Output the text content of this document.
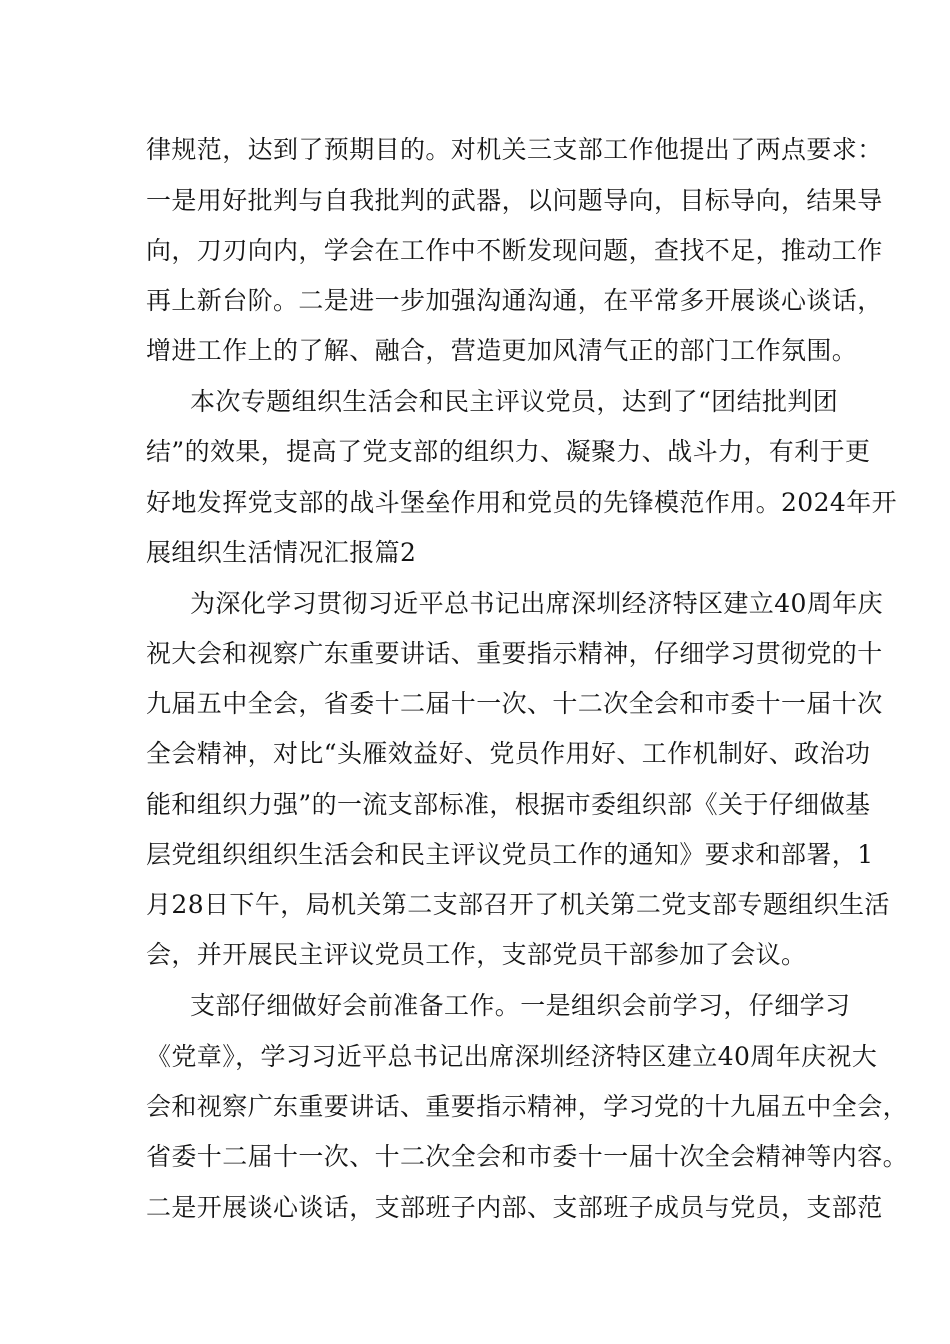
律规范，达到了预期目的。对机关三支部工作他提出了两点要求：
一是用好批判与自我批判的武器，以问题导向，目标导向，结果导
向，刀刃向内，学会在工作中不断发现问题，查找不足，推动工作
再上新台阶。二是进一步加强沟通沟通，在平常多开展谈心谈话，
增进工作上的了解、融合，营造更加风清气正的部门工作氛围。
本次专题组织生活会和民主评议党员，达到了“团结批判团
结”的效果，提高了党支部的组织力、凝聚力、战斗力，有利于更
好地发挥党支部的战斗堡垒作用和党员的先锋模范作用。2024年开
展组织生活情况汇报篇2
为深化学习贯彻习近平总书记出席深圳经济特区建立40周年庆
祝大会和视察广东重要讲话、重要指示精神，仔细学习贯彻党的十
九届五中全会，省委十二届十一次、十二次全会和市委十一届十次
全会精神，对比“头雁效益好、党员作用好、工作机制好、政治功
能和组织力强”的一流支部标准，根据市委组织部《关于仔细做基
层党组织组织生活会和民主评议党员工作的通知》要求和部署，1
月28日下午，局机关第二支部召开了机关第二党支部专题组织生活
会，并开展民主评议党员工作，支部党员干部参加了会议。
支部仔细做好会前准备工作。一是组织会前学习，仔细学习
《党章》，学习习近平总书记出席深圳经济特区建立40周年庆祝大
会和视察广东重要讲话、重要指示精神，学习党的十九届五中全会，
省委十二届十一次、十二次全会和市委十一届十次全会精神等内容。
二是开展谈心谈话，支部班子内部、支部班子成员与党员，支部范
